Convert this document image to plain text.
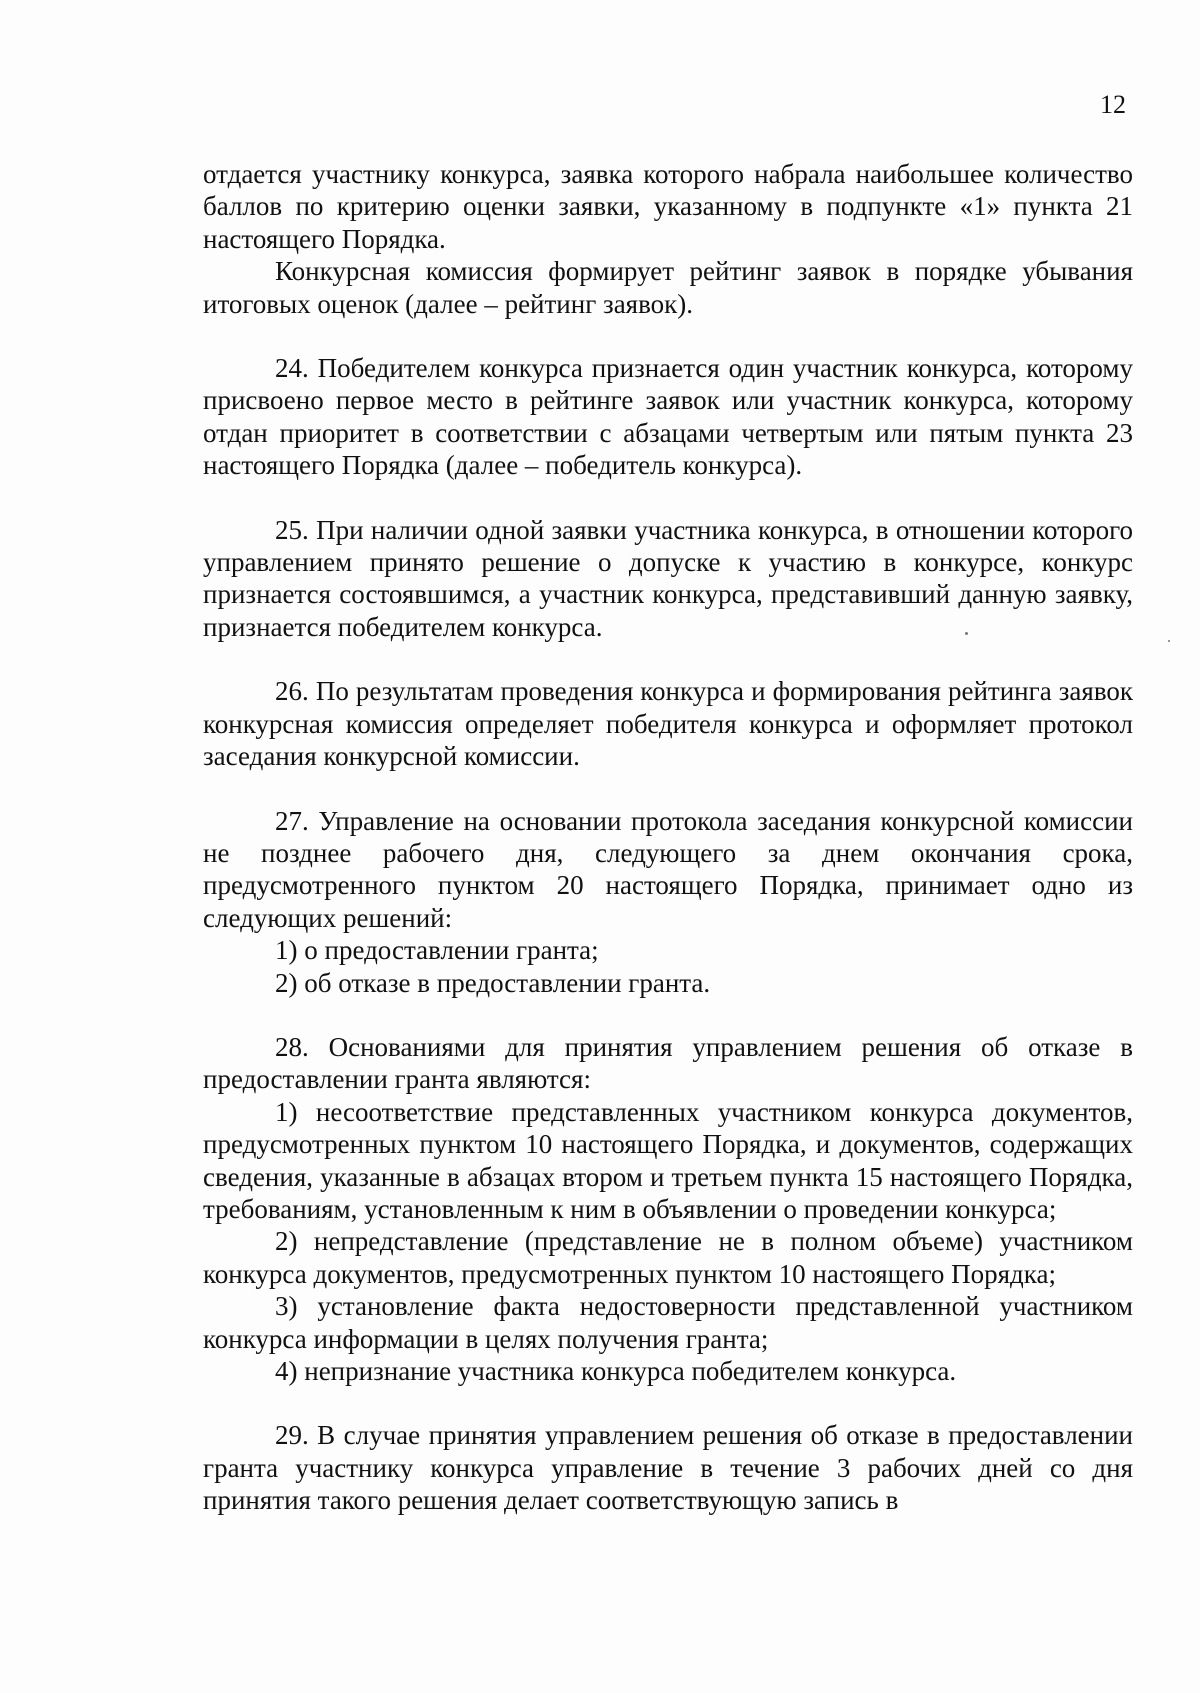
12

отдается участнику конкурса, заявка которого набрала наибольшее количество баллов по критерию оценки заявки, указанному в подпункте «1» пункта 21 настоящего Порядка.

Конкурсная комиссия формирует рейтинг заявок в порядке убывания итоговых оценок (далее – рейтинг заявок).

24. Победителем конкурса признается один участник конкурса, которому присвоено первое место в рейтинге заявок или участник конкурса, которому отдан приоритет в соответствии с абзацами четвертым или пятым пункта 23 настоящего Порядка (далее – победитель конкурса).

25. При наличии одной заявки участника конкурса, в отношении которого управлением принято решение о допуске к участию в конкурсе, конкурс признается состоявшимся, а участник конкурса, представивший данную заявку, признается победителем конкурса.

26. По результатам проведения конкурса и формирования рейтинга заявок конкурсная комиссия определяет победителя конкурса и оформляет протокол заседания конкурсной комиссии.

27. Управление на основании протокола заседания конкурсной комиссии не позднее рабочего дня, следующего за днем окончания срока, предусмотренного пунктом 20 настоящего Порядка, принимает одно из следующих решений:

1) о предоставлении гранта;

2) об отказе в предоставлении гранта.

28. Основаниями для принятия управлением решения об отказе в предоставлении гранта являются:

1) несоответствие представленных участником конкурса документов, предусмотренных пунктом 10 настоящего Порядка, и документов, содержащих сведения, указанные в абзацах втором и третьем пункта 15 настоящего Порядка, требованиям, установленным к ним в объявлении о проведении конкурса;

2) непредставление (представление не в полном объеме) участником конкурса документов, предусмотренных пунктом 10 настоящего Порядка;

3) установление факта недостоверности представленной участником конкурса информации в целях получения гранта;

4) непризнание участника конкурса победителем конкурса.

29. В случае принятия управлением решения об отказе в предоставлении гранта участнику конкурса управление в течение 3 рабочих дней со дня принятия такого решения делает соответствующую запись в
